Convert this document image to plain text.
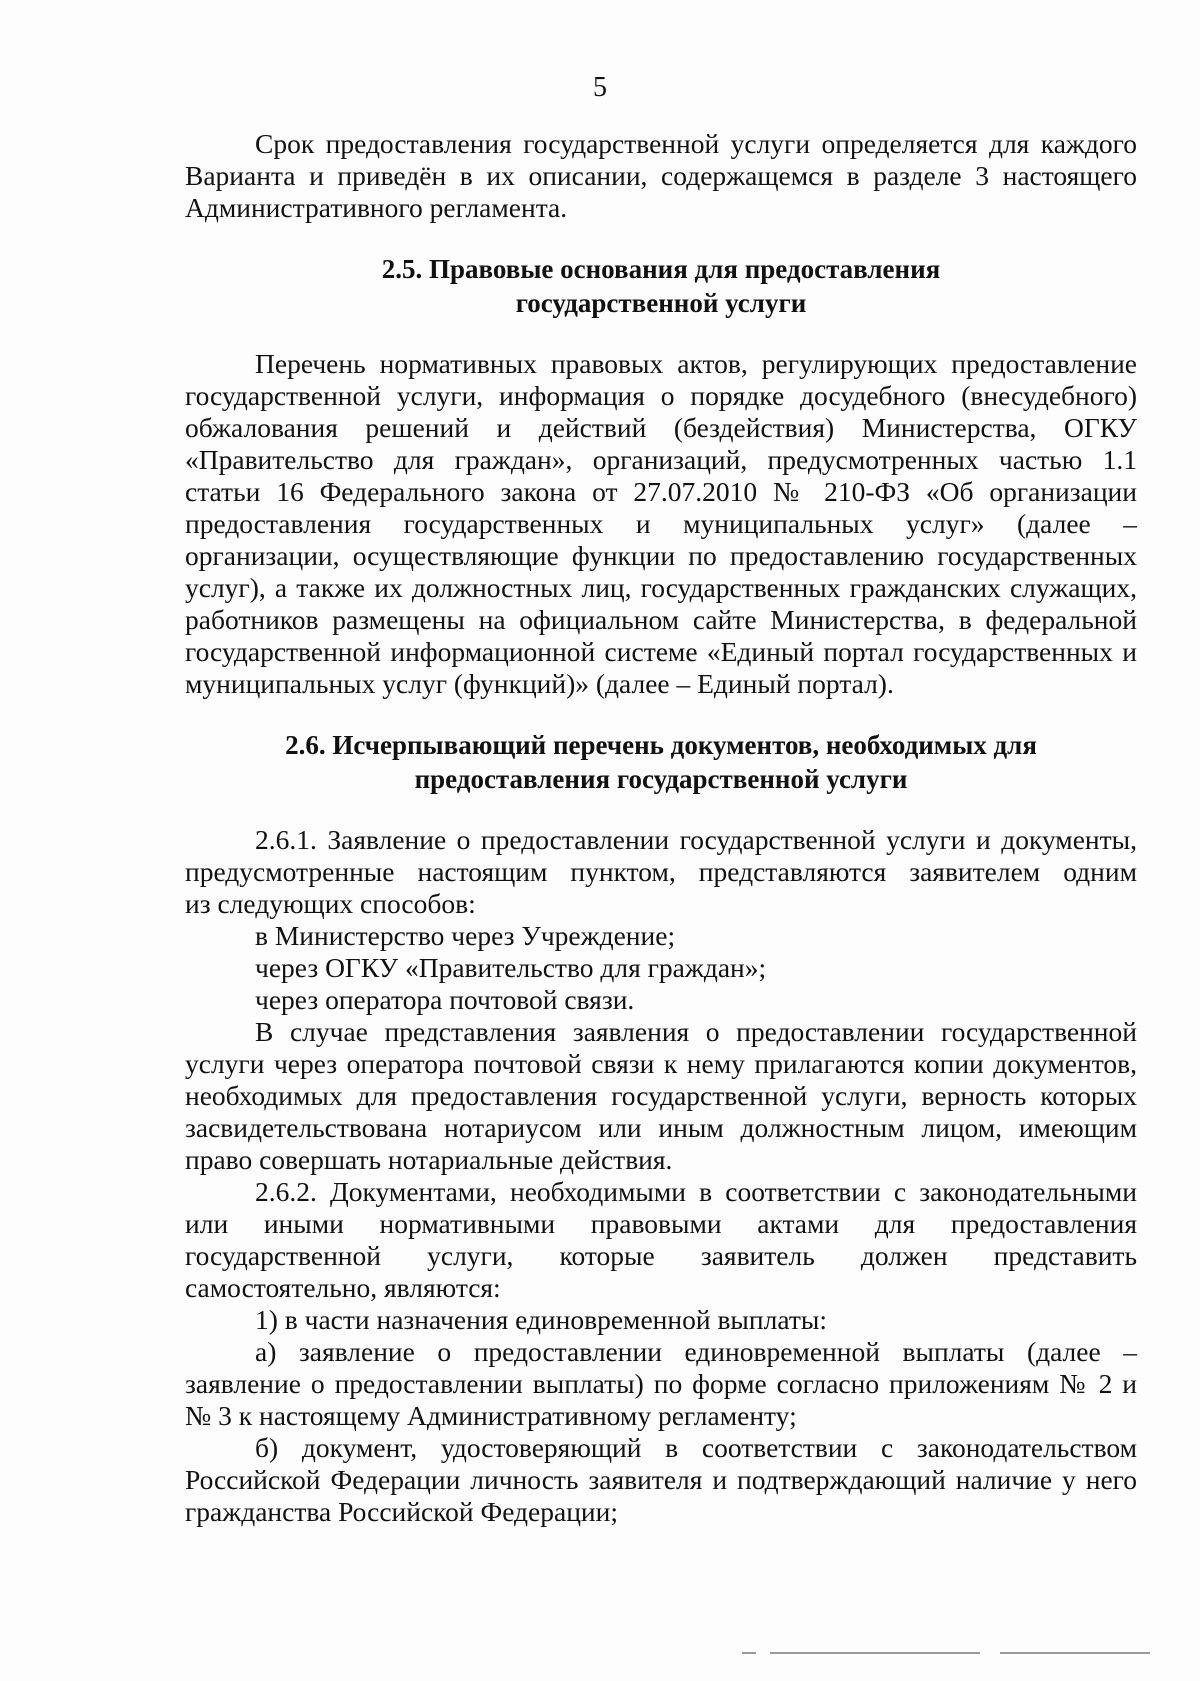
5
Срок предоставления государственной услуги определяется для каждого
Варианта и приведён в их описании, содержащемся в разделе 3 настоящего
Административного регламента.
2.5. Правовые основания для предоставления
государственной услуги
Перечень нормативных правовых актов, регулирующих предоставление
государственной услуги, информация о порядке досудебного (внесудебного)
обжалования решений и действий (бездействия) Министерства, ОГКУ
«Правительство для граждан», организаций, предусмотренных частью 1.1
статьи 16 Федерального закона от 27.07.2010 № 210-ФЗ «Об организации
предоставления государственных и муниципальных услуг» (далее –
организации, осуществляющие функции по предоставлению государственных
услуг), а также их должностных лиц, государственных гражданских служащих,
работников размещены на официальном сайте Министерства, в федеральной
государственной информационной системе «Единый портал государственных и
муниципальных услуг (функций)» (далее – Единый портал).
2.6. Исчерпывающий перечень документов, необходимых для
предоставления государственной услуги
2.6.1. Заявление о предоставлении государственной услуги и документы,
предусмотренные настоящим пунктом, представляются заявителем одним
из следующих способов:
в Министерство через Учреждение;
через ОГКУ «Правительство для граждан»;
через оператора почтовой связи.
В случае представления заявления о предоставлении государственной
услуги через оператора почтовой связи к нему прилагаются копии документов,
необходимых для предоставления государственной услуги, верность которых
засвидетельствована нотариусом или иным должностным лицом, имеющим
право совершать нотариальные действия.
2.6.2. Документами, необходимыми в соответствии с законодательными
или иными нормативными правовыми актами для предоставления
государственной услуги, которые заявитель должен представить
самостоятельно, являются:
1) в части назначения единовременной выплаты:
а) заявление о предоставлении единовременной выплаты (далее –
заявление о предоставлении выплаты) по форме согласно приложениям № 2 и
№ 3 к настоящему Административному регламенту;
б) документ, удостоверяющий в соответствии с законодательством
Российской Федерации личность заявителя и подтверждающий наличие у него
гражданства Российской Федерации;
